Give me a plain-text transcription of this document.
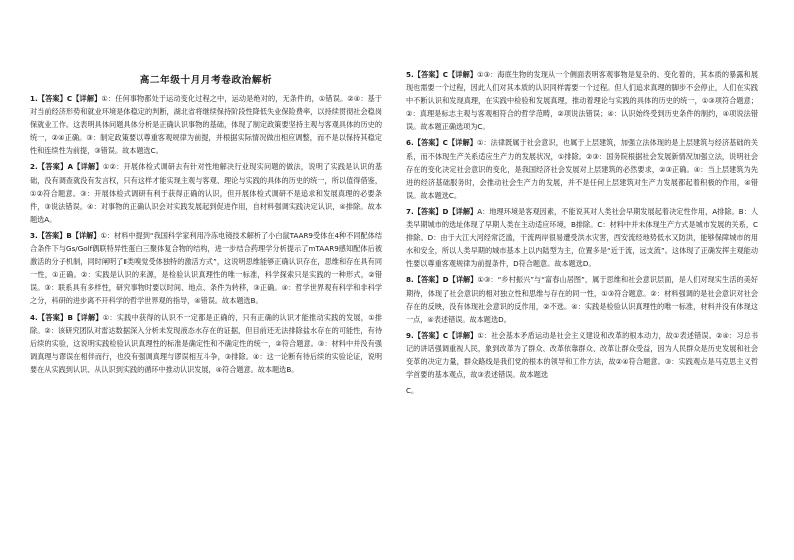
高二年级十月月考卷政治解析

1.【答案】C【详解】①：任何事物都处于运动变化过程之中，运动是绝对的，无条件的，①错误。②④：基于对当前经济形势和就业环境是体稳定的判断，湖北省将继续保持阶段性降低失业保险费率，以持续贯彻社会稳岗保就业工作。这表明具体问题具体分析是正确认识事物的基础，体现了制定政策要坚持主观与客观具体的历史的统一，②④正确。③：制定政策要以尊重客观规律为前提，并根据实际情况做出相应调整，而不是以保持其稳定性和连续性为前提，③错误。故本题选C。

2.【答案】A【详解】①②：开展体检式调研去有针对性地解决行业现实问题的做法，说明了实践是认识的基础，没有调查就没有发言权，只有这样才能实现主观与客观、理论与实践的具体的历史的统一，所以值得借鉴，①②符合题意。③：开展体检式调研有利于获得正确的认识，但开展体检式调研不是追求和发展真理的必要条件，③说法错误。④：对事物的正确认识会对实践发展起到促进作用，自材料强调实践决定认识，④排除。故本题选A。

3.【答案】B【详解】①：材料中提到“我国科学家利用冷冻电镜技术解析了小白鼠TAAR9受体在4种不同配体结合条件下与Gs/Golf偶联特异性蛋白三聚体复合物的结构，进一步结合药理学分析提示了mTAAR9感知配体后被激活的分子机制，同时阐明了Ⅱ类嗅觉受体独特的激活方式”，这说明思维能够正确认识存在，思维和存在具有同一性，①正确。②：实践是认识的来源，是检验认识真理性的唯一标准，科学探索只是实践的一种形式，②错误。③：联系具有多样性，研究事物时要以时间、地点、条件为转移，③正确。④：哲学世界观有科学和非科学之分，科研的进步离不开科学的哲学世界观的指导，④错误。故本题选B。

4.【答案】B【详解】①：实践中获得的认识不一定都是正确的，只有正确的认识才能推动实践的发展，①排除。②：该研究团队对雷达数据深入分析未发现液态水存在的证据，但目前还无法排除盐水存在的可能性，有待后续的实验，这说明实践检验认识真理性的标准是确定性和不确定性的统一，②符合题意。③：材料中并没有强调真理与谬误在相伴而行，也没有强调真理与谬误相互斗争，③排除。④：这一论断有待后续的实验论证，说明要在从实践到认识、从认识到实践的循环中推动认识发展，④符合题意。故本题选B。

5.【答案】C【详解】①③：海底生物的发现从一个侧面表明客观事物是复杂的、变化着的，其本质的暴露和展现也需要一个过程，因此人们对其本质的认识同样需要一个过程。但人们追求真理的脚步不会停止，人们在实践中不断认识和发现真理，在实践中检验和发展真理，推动着理论与实践的具体的历史的统一，①③项符合题意；②：真理是标志主观与客观相符合的哲学范畴，②项说法错误；④：认识始终受到历史条件的制约，④项说法错误。故本题正确选项为C。

6.【答案】C【详解】①：法律既属于社会意识，也属于上层建筑，加强立法体现的是上层建筑与经济基础的关系，而不体现生产关系适应生产力的发展状况，①排除。②③：国务院根据社会发展新情况加强立法，说明社会存在的变化决定社会意识的变化，是我国经济社会发展对上层建筑的必然要求，②③正确。④：当上层建筑为先进的经济基础服务时，会推动社会生产力的发展，并不是任何上层建筑对生产力发展都起着积极的作用，④错误。故本题选C。

7.【答案】D【详解】A：地理环境是客观因素，不能说其对人类社会早期发展起着决定性作用，A排除。B：人类早期城市的选址体现了早期人类在主动适应环境，B排除。C：材料中并未体现生产方式是城市发展的关系，C排除。D：由于大江大河经常泛滥，干流两岸很易遭受洪水灾害，西安流经地势低水又防洪，能够保障城市的用水和安全，所以人类早期的城市基本上以内陆型为主，位置多是“近于流，远支流”。这体现了正确发挥主观能动性要以尊重客观规律为前提条件，D符合题意。故本题选D。

8.【答案】D【详解】①③：“乡村振兴”与“富春山居图”，属于思维和社会意识层面，是人们对现实生活的美好期待，体现了社会意识的相对独立性和思维与存在的同一性，①③符合题意。②：材料强调的是社会意识对社会存在的反映，没有体现社会意识的反作用，②不选。④：实践是检验认识真理性的唯一标准，材料并没有体现这一点，④表述错误。故本题选D。

9.【答案】C【详解】①：社会基本矛盾运动是社会主义建设和改革的根本动力，故①表述错误。②④：习总书记的讲话强调重视人民，象到改革为了群众、改革依靠群众、改革让群众受益，因为人民群众是历史发展和社会变革的决定力量，群众路线是我们党的根本的领导和工作方法，故②④符合题意。③：实践观点是马克思主义哲学首要的基本观点，故③表述错误。故本题选

C。
